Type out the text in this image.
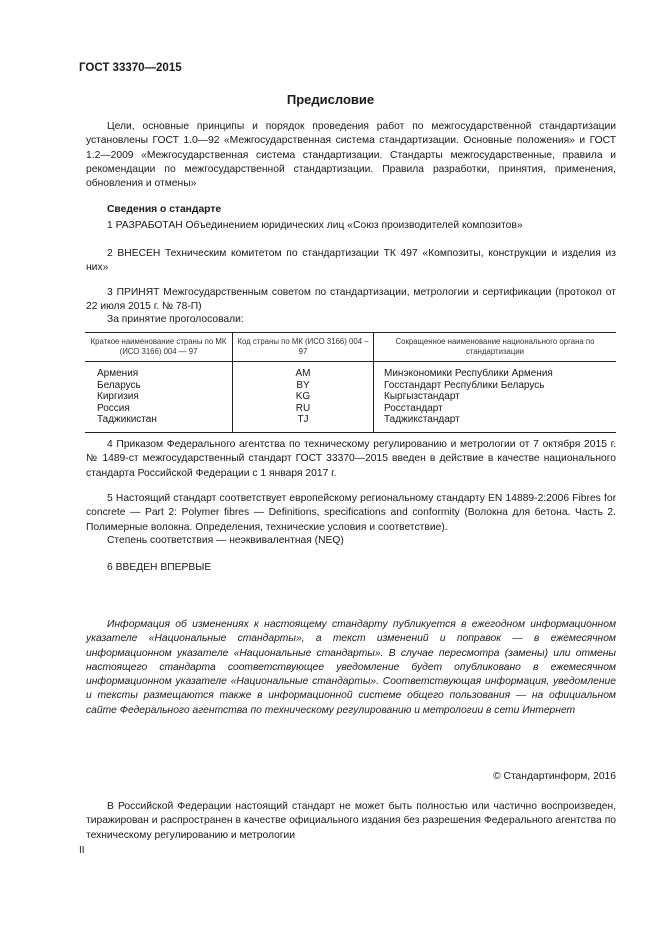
ГОСТ 33370—2015
Предисловие
Цели, основные принципы и порядок проведения работ по межгосударственной стандартизации установлены ГОСТ 1.0—92 «Межгосударственная система стандартизации. Основные положения» и ГОСТ 1.2—2009 «Межгосударственная система стандартизации. Стандарты межгосударственные, правила и рекомендации по межгосударственной стандартизации. Правила разработки, принятия, применения, обновления и отмены»
Сведения о стандарте
1 РАЗРАБОТАН Объединением юридических лиц «Союз производителей композитов»
2 ВНЕСЕН Техническим комитетом по стандартизации ТК 497 «Композиты, конструкции и изделия из них»
3 ПРИНЯТ Межгосударственным советом по стандартизации, метрологии и сертификации (протокол от 22 июля 2015 г. № 78-П)
За принятие проголосовали:
Краткое наименование страны по МК (ИСО 3166) 004 — 97	Код страны по МК (ИСО 3166) 004 – 97	Сокращенное наименование национального органа по стандартизации
Армения	AM	Минэкономики Республики Армения
Беларусь	BY	Госстандарт Республики Беларусь
Киргизия	KG	Кыргызстандарт
Россия	RU	Росстандарт
Таджикистан	TJ	Таджикстандарт
4 Приказом Федерального агентства по техническому регулированию и метрологии от 7 октября 2015 г. № 1489-ст межгосударственный стандарт ГОСТ 33370—2015 введен в действие в качестве национального стандарта Российской Федерации с 1 января 2017 г.
5 Настоящий стандарт соответствует европейскому региональному стандарту EN 14889-2:2006 Fibres for concrete — Part 2: Polymer fibres — Definitions, specifications and conformity (Волокна для бетона. Часть 2. Полимерные волокна. Определения, технические условия и соответствие).
Степень соответствия — неэквивалентная (NEQ)
6 ВВЕДЕН ВПЕРВЫЕ
Информация об изменениях к настоящему стандарту публикуется в ежегодном информационном указателе «Национальные стандарты», а текст изменений и поправок — в ежемесячном информационном указателе «Национальные стандарты». В случае пересмотра (замены) или отмены настоящего стандарта соответствующее уведомление будет опубликовано в ежемесячном информационном указателе «Национальные стандарты». Соответствующая информация, уведомление и тексты размещаются также в информационной системе общего пользования — на официальном сайте Федерального агентства по техническому регулированию и метрологии в сети Интернет
© Стандартинформ, 2016
В Российской Федерации настоящий стандарт не может быть полностью или частично воспроизведен, тиражирован и распространен в качестве официального издания без разрешения Федерального агентства по техническому регулированию и метрологии
II
